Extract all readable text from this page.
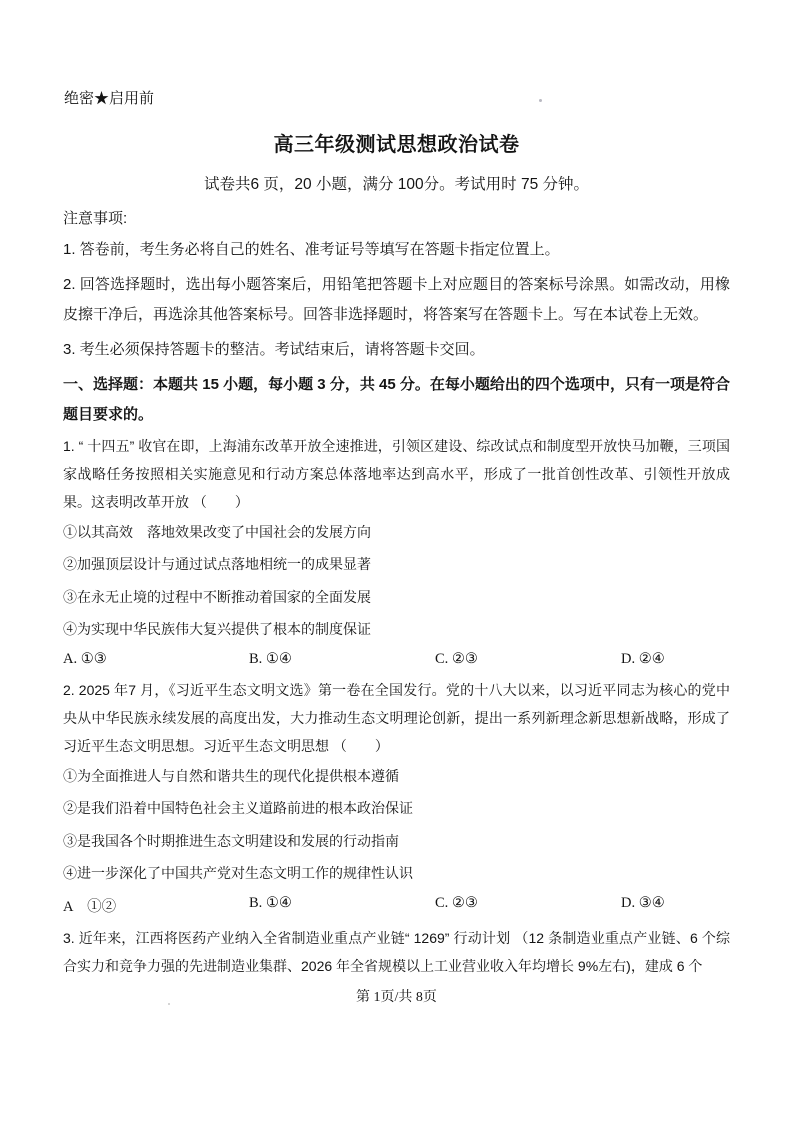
绝密★启用前

高三年级测试思想政治试卷

试卷共6 页，20 小题，满分 100分。考试用时 75 分钟。

注意事项:

1. 答卷前，考生务必将自己的姓名、准考证号等填写在答题卡指定位置上。

2. 回答选择题时，选出每小题答案后，用铅笔把答题卡上对应题目的答案标号涂黑。如需改动，用橡皮擦干净后，再选涂其他答案标号。回答非选择题时，将答案写在答题卡上。写在本试卷上无效。

3. 考生必须保持答题卡的整洁。考试结束后，请将答题卡交回。

一、选择题：本题共 15 小题，每小题 3 分，共 45 分。在每小题给出的四个选项中，只有一项是符合题目要求的。

1. “ 十四五” 收官在即，上海浦东改革开放全速推进，引领区建设、综改试点和制度型开放快马加鞭，三项国家战略任务按照相关实施意见和行动方案总体落地率达到高水平，形成了一批首创性改革、引领性开放成果。这表明改革开放 （　　）

①以其高效　落地效果改变了中国社会的发展方向

②加强顶层设计与通过试点落地相统一的成果显著

③在永无止境的过程中不断推动着国家的全面发展

④为实现中华民族伟大复兴提供了根本的制度保证

A. ①③	B. ①④	C. ②③	D. ②④

2. 2025 年7 月，《习近平生态文明文选》第一卷在全国发行。党的十八大以来，以习近平同志为核心的党中央从中华民族永续发展的高度出发，大力推动生态文明理论创新，提出一系列新理念新思想新战略，形成了习近平生态文明思想。习近平生态文明思想 （　　）

①为全面推进人与自然和谐共生的现代化提供根本遵循

②是我们沿着中国特色社会主义道路前进的根本政治保证

③是我国各个时期推进生态文明建设和发展的行动指南

④进一步深化了中国共产党对生态文明工作的规律性认识

A　①②	B. ①④	C. ②③	D. ③④

3. 近年来，江西将医药产业纳入全省制造业重点产业链“ 1269” 行动计划 （12 条制造业重点产业链、6 个综合实力和竞争力强的先进制造业集群、2026 年全省规模以上工业营业收入年均增长 9%左右)，建成 6 个

第 1页/共 8页
